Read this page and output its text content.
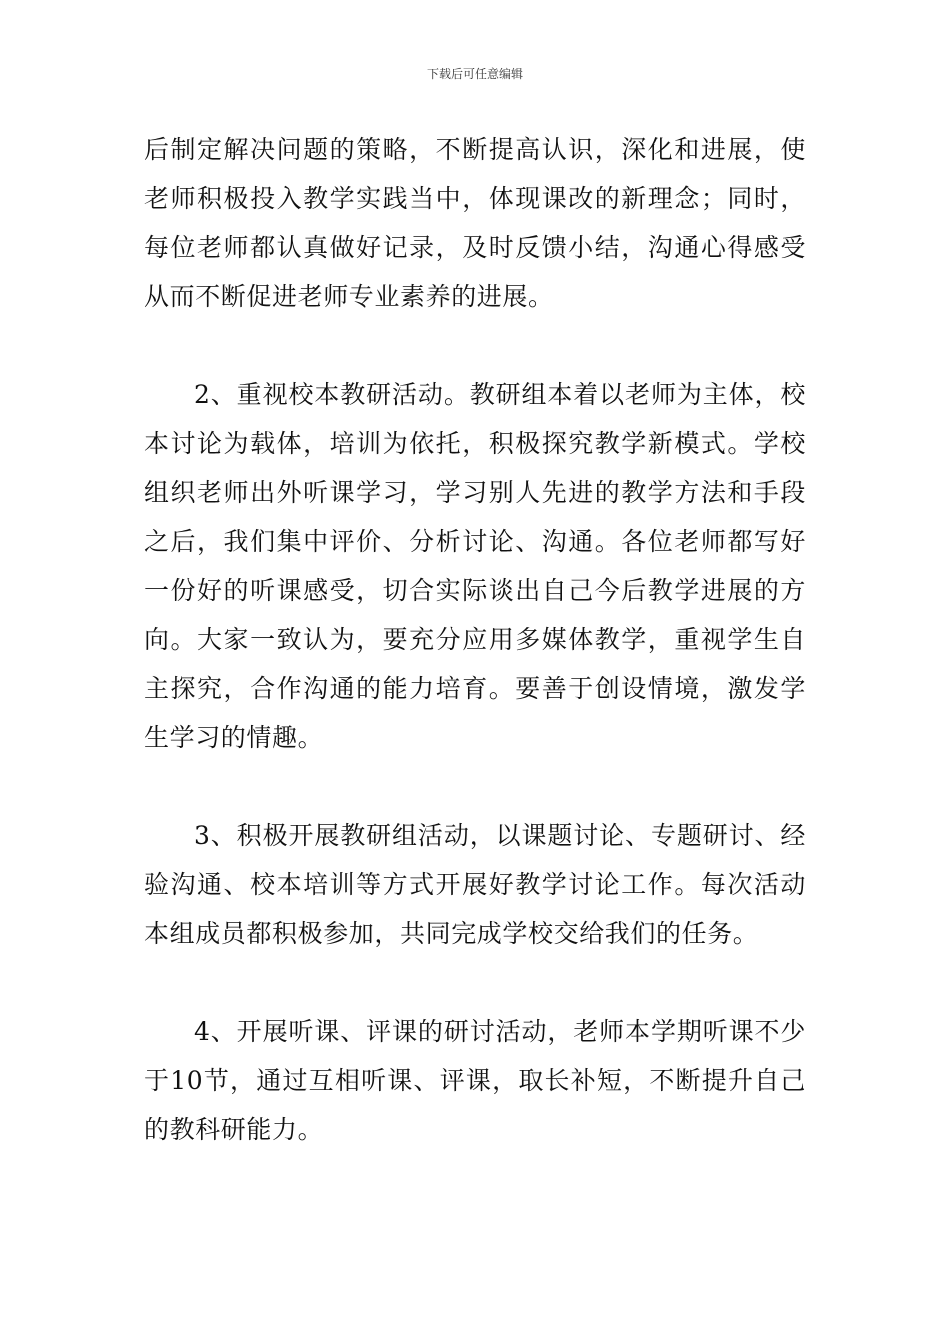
下载后可任意编辑

后制定解决问题的策略，不断提高认识，深化和进展，使老师积极投入教学实践当中，体现课改的新理念；同时，每位老师都认真做好记录，及时反馈小结，沟通心得感受从而不断促进老师专业素养的进展。

2、重视校本教研活动。教研组本着以老师为主体，校本讨论为载体，培训为依托，积极探究教学新模式。学校组织老师出外听课学习，学习别人先进的教学方法和手段之后，我们集中评价、分析讨论、沟通。各位老师都写好一份好的听课感受，切合实际谈出自己今后教学进展的方向。大家一致认为，要充分应用多媒体教学，重视学生自主探究，合作沟通的能力培育。要善于创设情境，激发学生学习的情趣。

3、积极开展教研组活动，以课题讨论、专题研讨、经验沟通、校本培训等方式开展好教学讨论工作。每次活动本组成员都积极参加，共同完成学校交给我们的任务。

4、开展听课、评课的研讨活动，老师本学期听课不少于10节，通过互相听课、评课，取长补短，不断提升自己的教科研能力。
